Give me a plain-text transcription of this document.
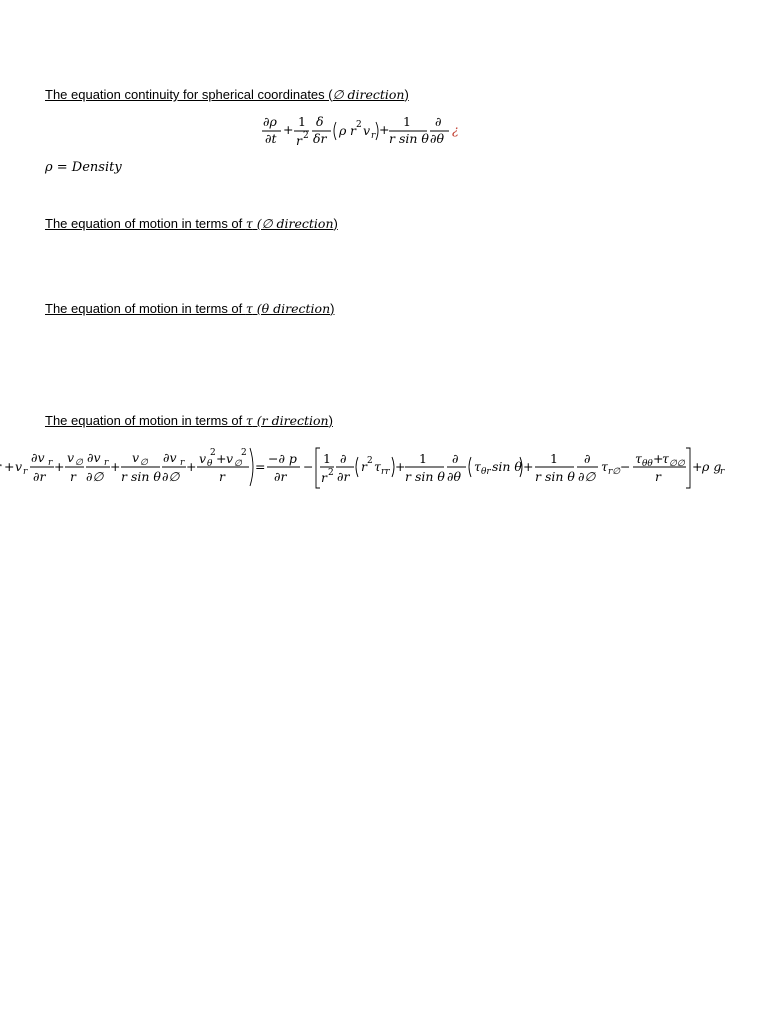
The equation continuity for spherical coordinates (∅ direction)
∂ρ
∂t
+
1
r 2
δ
δr
ρ r 2 v r +
1
r sin θ
∂
∂θ
¿
ρ = Density
The equation of motion in terms of τ (∅ direction)
The equation of motion in terms of τ (θ direction)
The equation of motion in terms of τ (r direction)
+ v r
∂v r
∂r
+
v ∅
r
∂v r
∂∅
+
v ∅
r sin θ
∂v r
∂∅
+
v θ
2 + v ∅
2
r
=
−∂ p
∂r
−
1
r 2
∂
∂r
r 2 τ rr +
1
r sin θ
∂
∂θ
τ θr sin θ +
1
r sin θ
∂
∂∅
τ r∅ −
τ θθ +
τ ∅∅
r
+ ρ g
r
